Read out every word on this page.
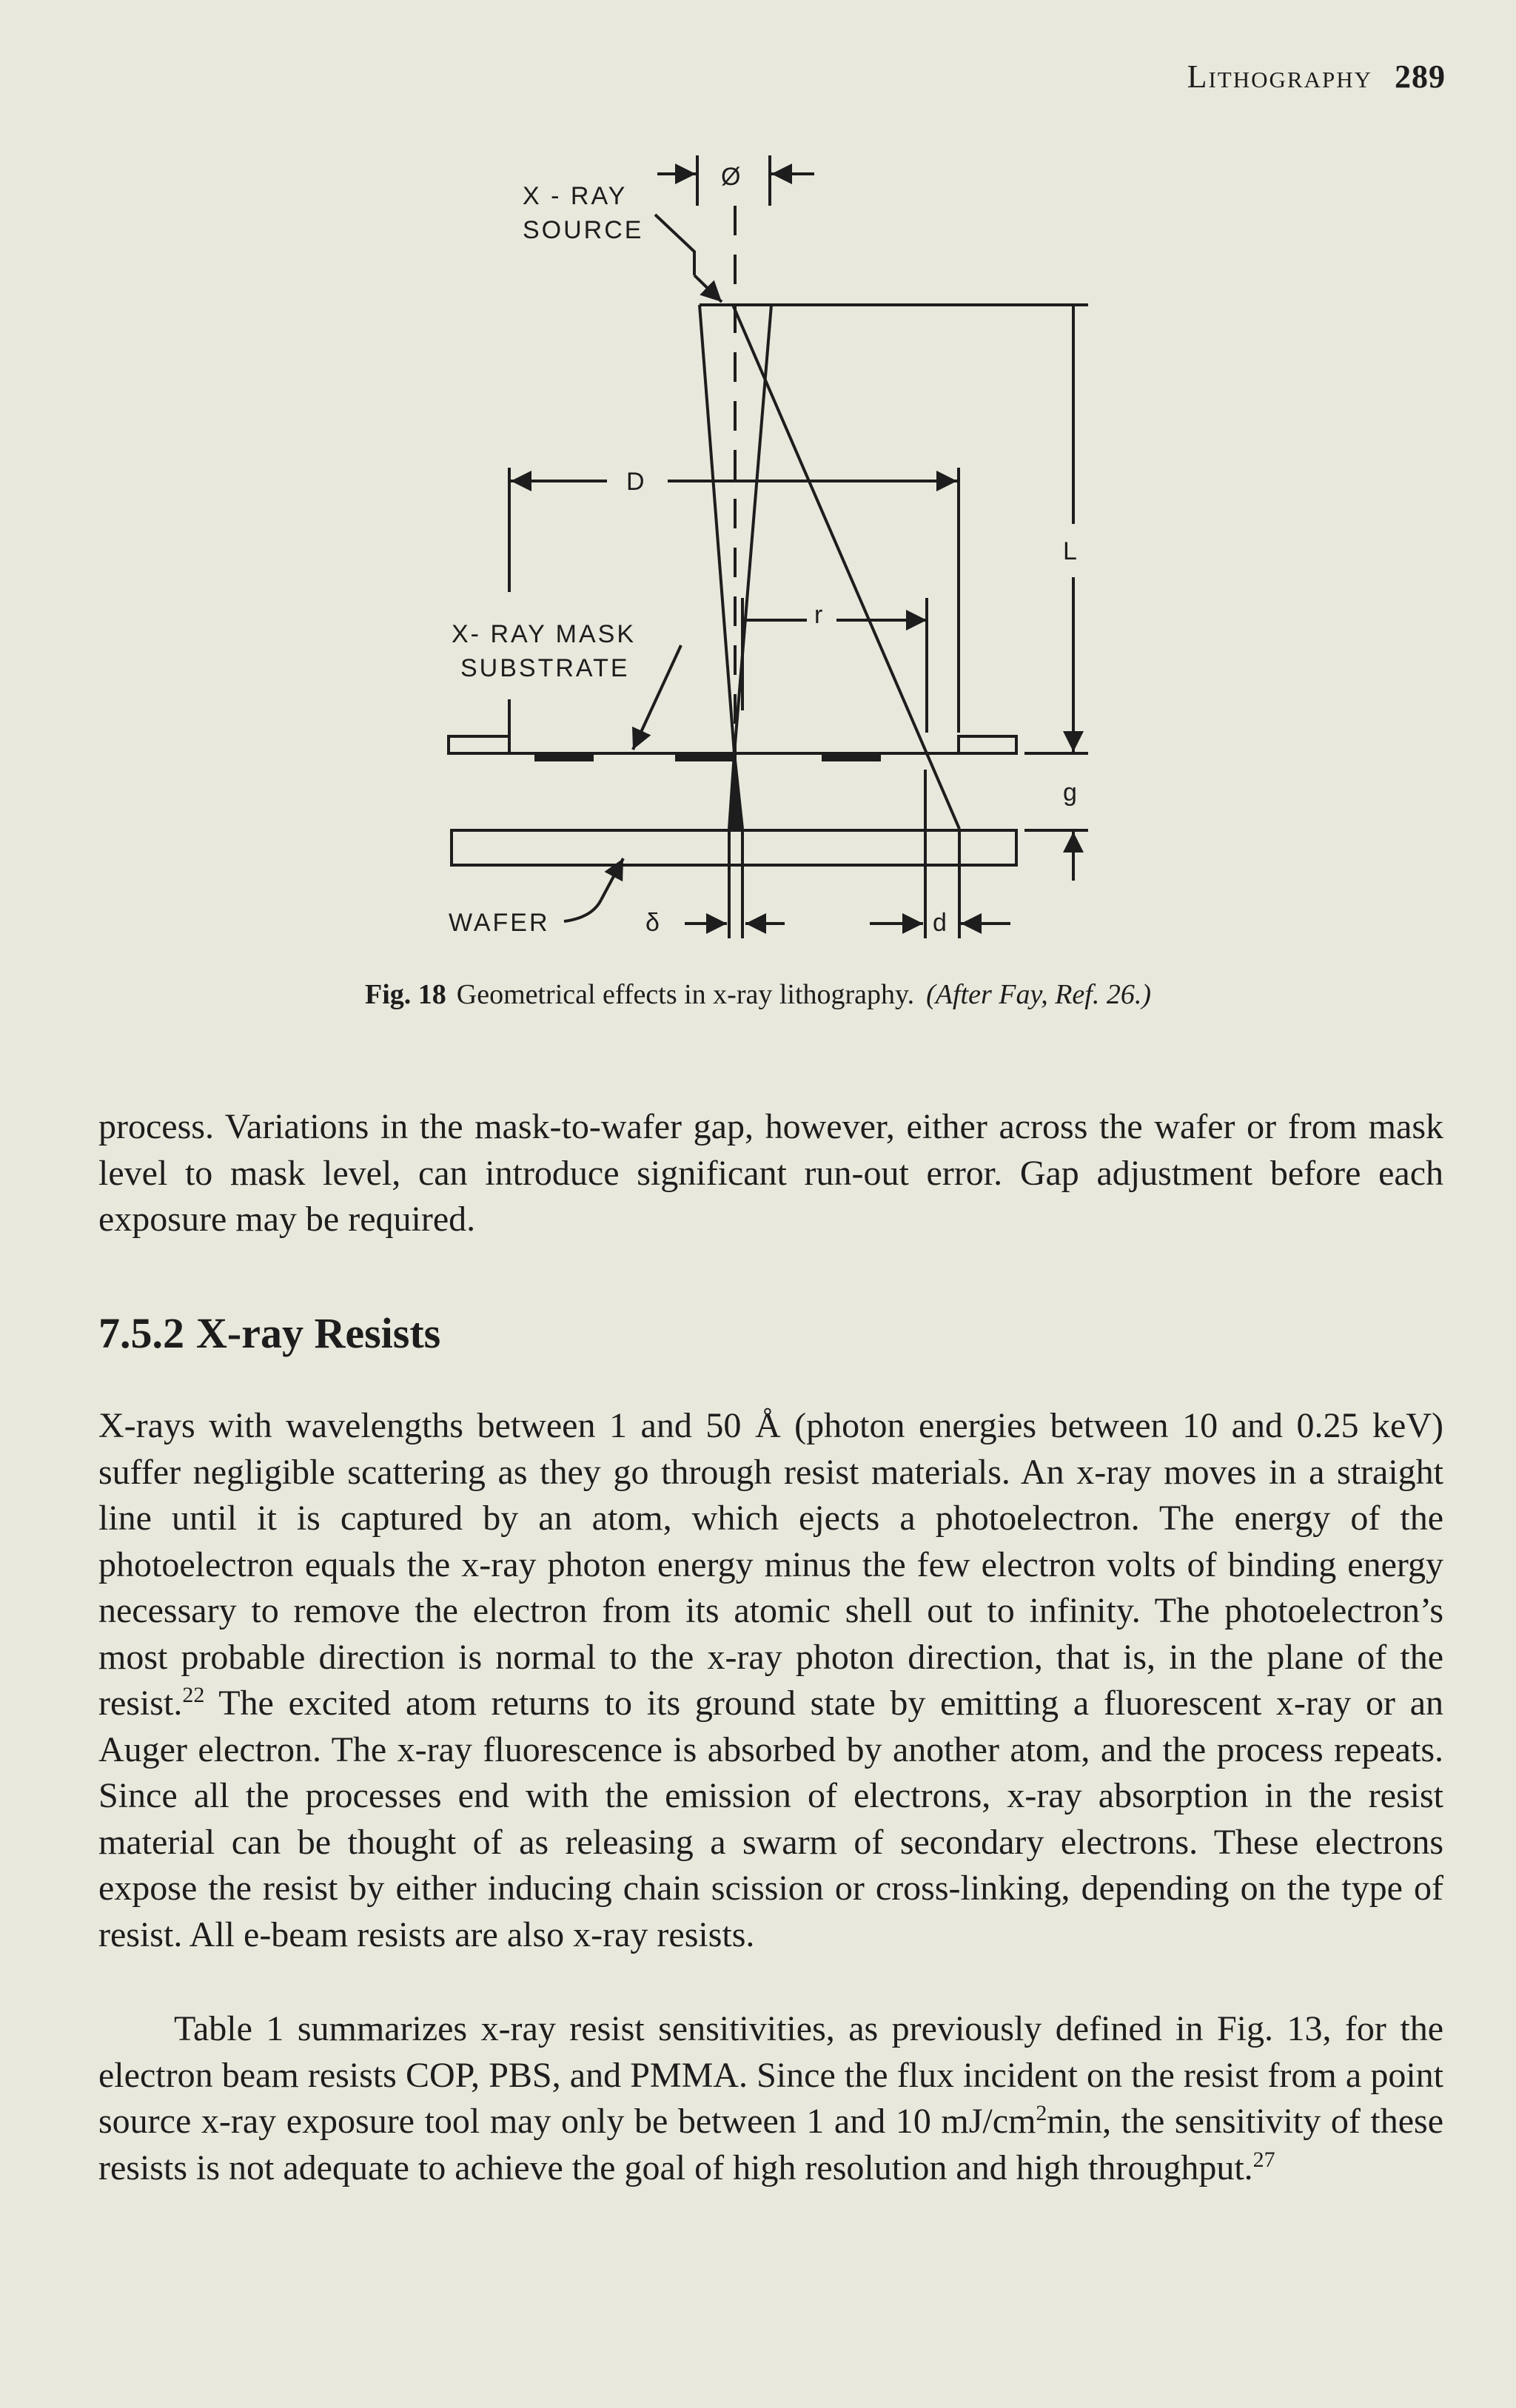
Lithography 289
X - RAY
SOURCE
Ø
D
L
r
g
X- RAY MASK
SUBSTRATE
WAFER	δ	d
Fig. 18 Geometrical effects in x-ray lithography. (After Fay, Ref. 26.)

process. Variations in the mask-to-wafer gap, however, either across the wafer or from mask level to mask level, can introduce significant run-out error. Gap adjustment before each exposure may be required.

7.5.2 X-ray Resists

X-rays with wavelengths between 1 and 50 Å (photon energies between 10 and 0.25 keV) suffer negligible scattering as they go through resist materials. An x-ray moves in a straight line until it is captured by an atom, which ejects a photoelectron. The energy of the photoelectron equals the x-ray photon energy minus the few electron volts of binding energy necessary to remove the electron from its atomic shell out to infinity. The photoelectron’s most probable direction is normal to the x-ray photon direction, that is, in the plane of the resist.$^{22}$ The excited atom returns to its ground state by emitting a fluorescent x-ray or an Auger electron. The x-ray fluorescence is absorbed by another atom, and the process repeats. Since all the processes end with the emission of electrons, x-ray absorption in the resist material can be thought of as releasing a swarm of secondary electrons. These electrons expose the resist by either inducing chain scission or cross-linking, depending on the type of resist. All e-beam resists are also x-ray resists.

Table 1 summarizes x-ray resist sensitivities, as previously defined in Fig. 13, for the electron beam resists COP, PBS, and PMMA. Since the flux incident on the resist from a point source x-ray exposure tool may only be between 1 and 10 $mJ/cm^2\min$, the sensitivity of these resists is not adequate to achieve the goal of high resolution and high throughput.$^{27}$
